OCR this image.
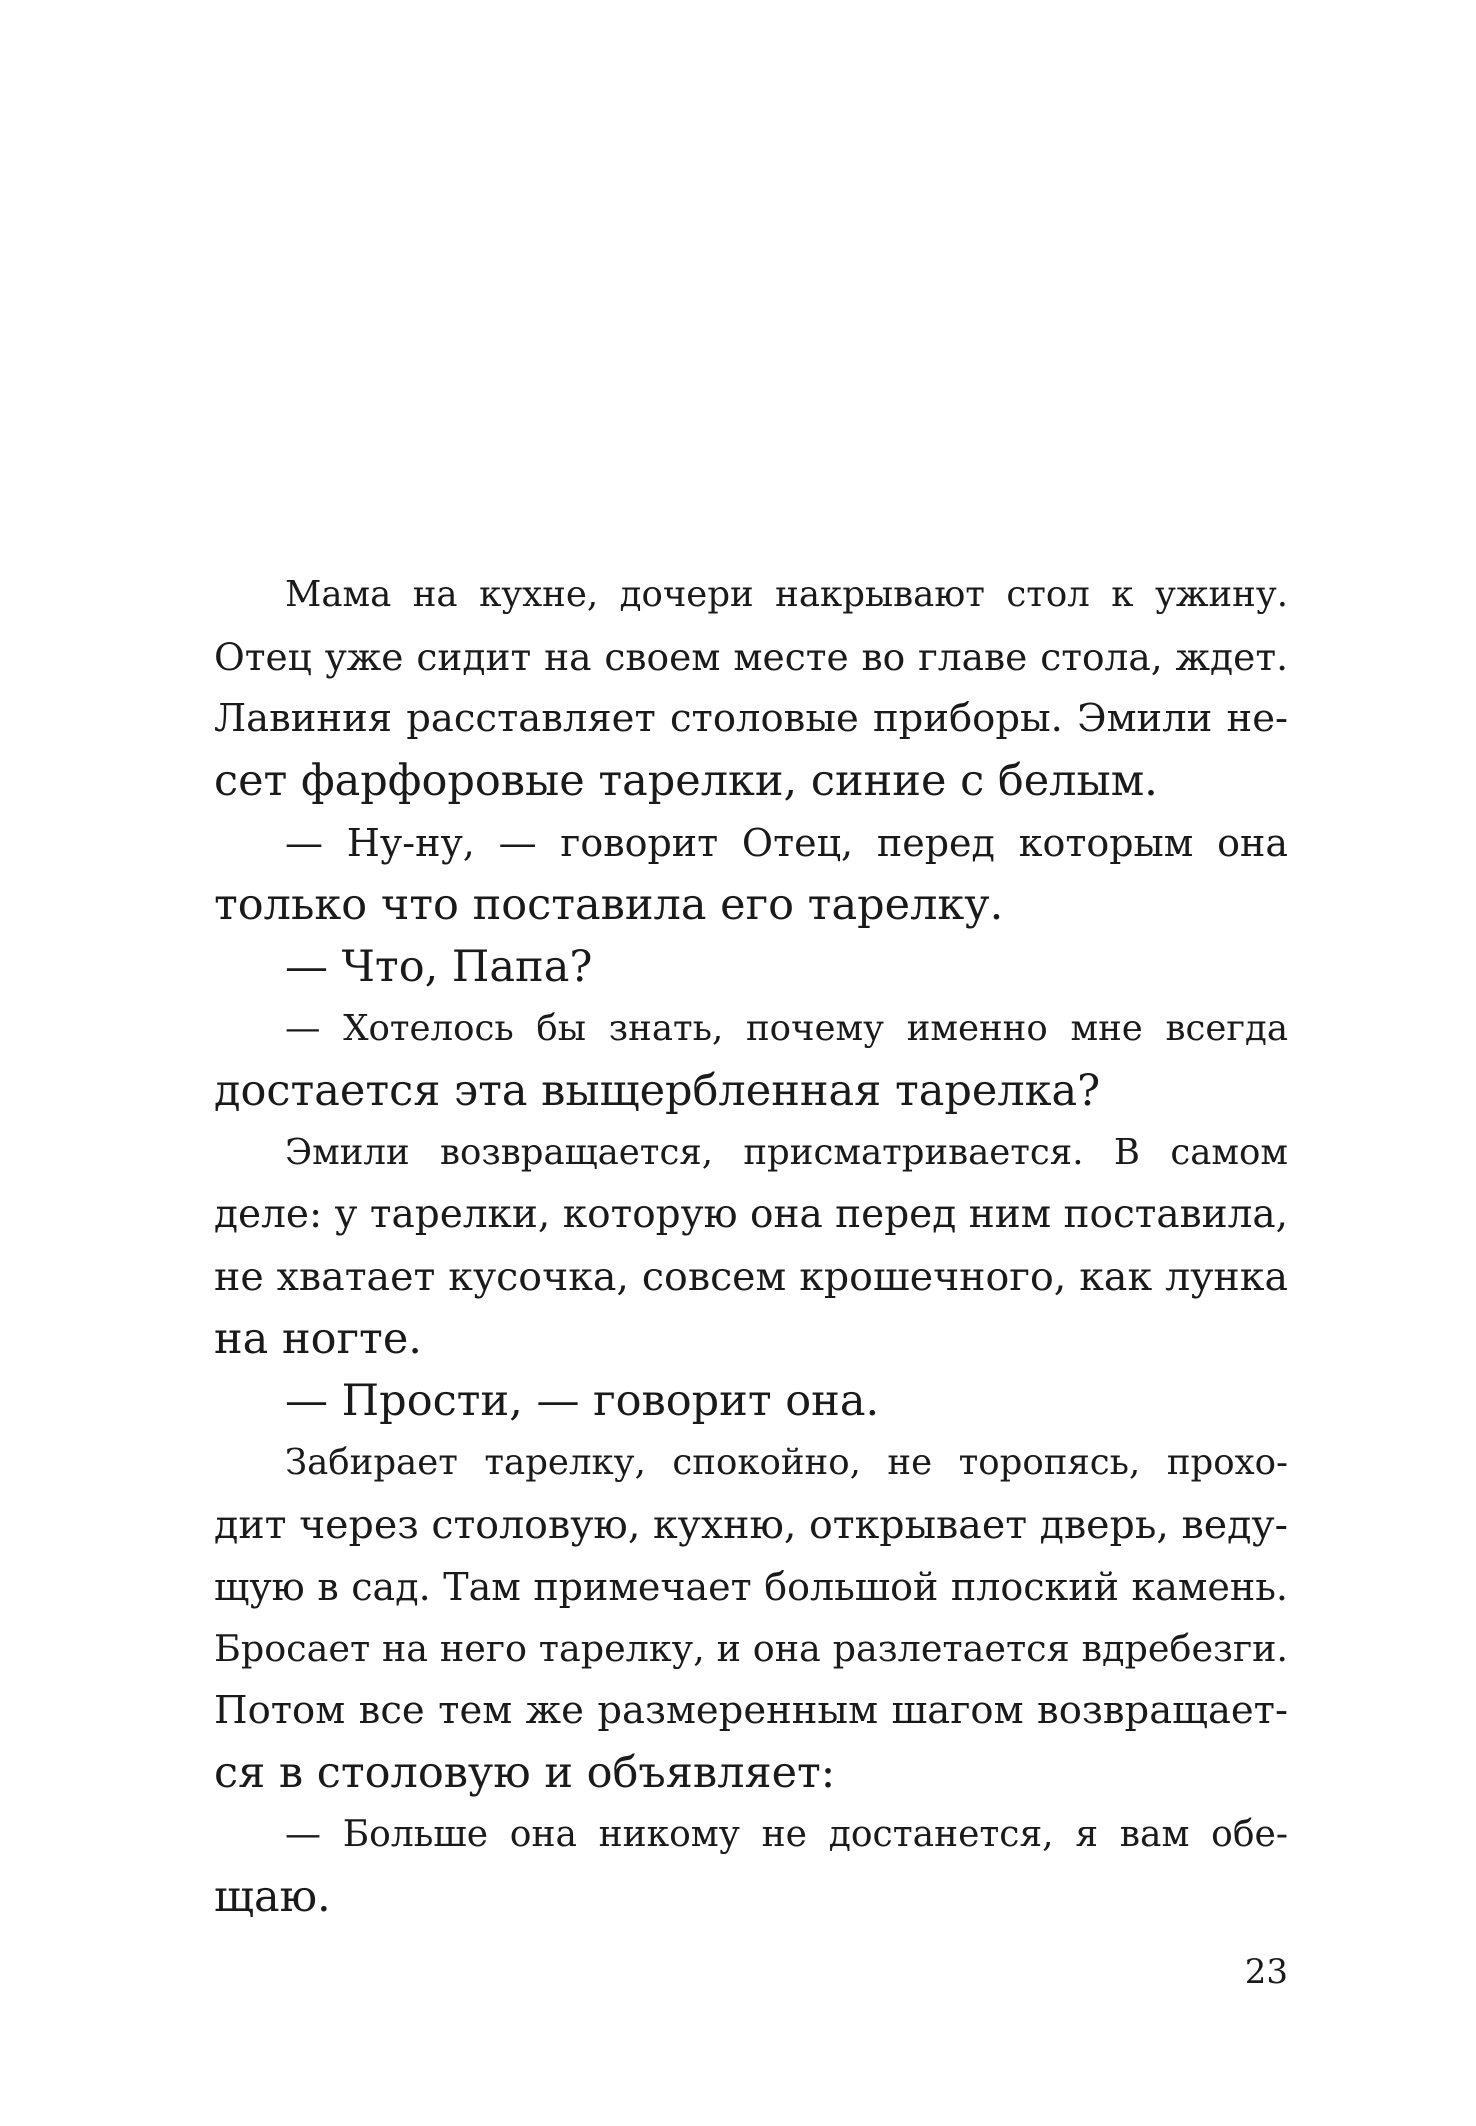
Мама на кухне, дочери накрывают стол к ужину.
Отец уже сидит на своем месте во главе стола, ждет.
Лавиния расставляет столовые приборы. Эмили не-
сет фарфоровые тарелки, синие с белым.
— Ну-ну, — говорит Отец, перед которым она
только что поставила его тарелку.
— Что, Папа?
— Хотелось бы знать, почему именно мне всегда
достается эта выщербленная тарелка?
Эмили возвращается, присматривается. В самом
деле: у тарелки, которую она перед ним поставила,
не хватает кусочка, совсем крошечного, как лунка
на ногте.
— Прости, — говорит она.
Забирает тарелку, спокойно, не торопясь, прохо-
дит через столовую, кухню, открывает дверь, веду-
щую в сад. Там примечает большой плоский камень.
Бросает на него тарелку, и она разлетается вдребезги.
Потом все тем же размеренным шагом возвращает-
ся в столовую и объявляет:
— Больше она никому не достанется, я вам обе-
щаю.
23
